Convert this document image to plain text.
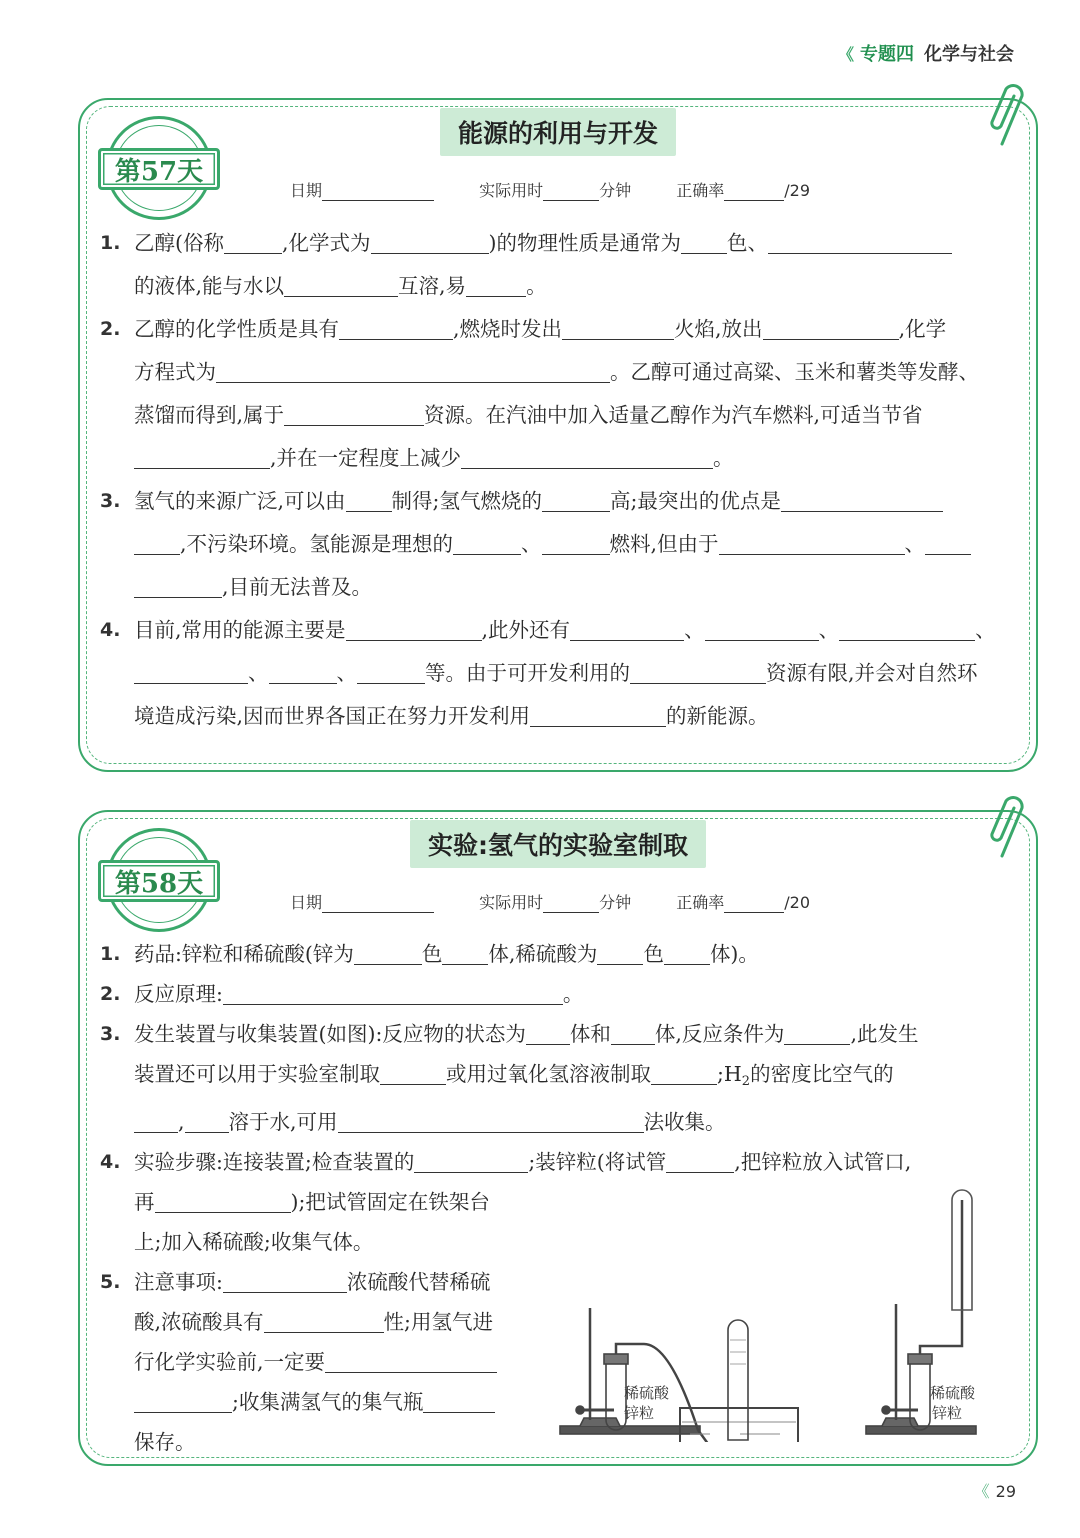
《 专题四 化学与社会
能源的利用与开发
第57天
日期	实际用时	分钟	正确率	/29
1. 乙醇(俗称	,化学式为	)的物理性质是通常为 色、
的液体,能与水以	互溶,易	。
2. 乙醇的化学性质是具有	,燃烧时发出	火焰,放出	,化学
方程式为	。乙醇可通过高粱、玉米和薯类等发酵、
蒸馏而得到,属于	资源。在汽油中加入适量乙醇作为汽车燃料,可适当节省
,并在一定程度上减少	。
3. 氢气的来源广泛,可以由 制得;氢气燃烧的	高;最突出的优点是
,不污染环境。氢能源是理想的	、	燃料,但由于	、
,目前无法普及。
4. 目前,常用的能源主要是	,此外还有	、	、	、
、	、	等。由于可开发利用的	资源有限,并会对自然环
境造成污染,因而世界各国正在努力开发利用	的新能源。
实验:氢气的实验室制取
第58天
日期	实际用时	分钟	正确率	/20
1. 药品:锌粒和稀硫酸(锌为	色 体,稀硫酸为 色 体)。
2. 反应原理:	。
3. 发生装置与收集装置(如图):反应物的状态为 体和 体,反应条件为	,此发生
装置还可以用于实验室制取	或用过氧化氢溶液制取	$;H_2$的密度比空气的
, 溶于水,可用	法收集。
4. 实验步骤:连接装置;检查装置的	;装锌粒(将试管	,把锌粒放入试管口,
再	);把试管固定在铁架台
上;加入稀硫酸;收集气体。
5. 注意事项:	浓硫酸代替稀硫
酸,浓硫酸具有	性;用氢气进
行化学实验前,一定要
;收集满氢气的集气瓶
保存。
稀硫酸
锌粒
稀硫酸
锌粒
《 29
